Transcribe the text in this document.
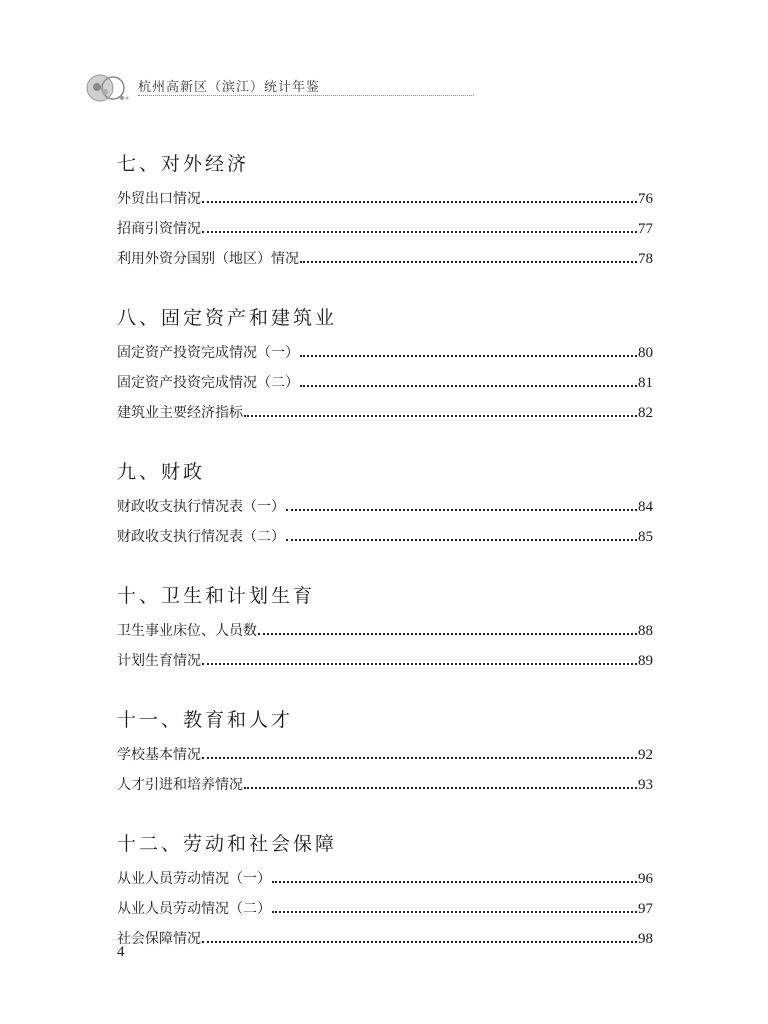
杭州高新区（滨江）统计年鉴
七、对外经济
外贸出口情况	76
招商引资情况	77
利用外资分国别（地区）情况	78
八、固定资产和建筑业
固定资产投资完成情况（一）	80
固定资产投资完成情况（二）	81
建筑业主要经济指标	82
九、财政
财政收支执行情况表（一）	84
财政收支执行情况表（二）	85
十、卫生和计划生育
卫生事业床位、人员数	88
计划生育情况	89
十一、教育和人才
学校基本情况	92
人才引进和培养情况	93
十二、劳动和社会保障
从业人员劳动情况（一）	96
从业人员劳动情况（二）	97
社会保障情况	98
4
